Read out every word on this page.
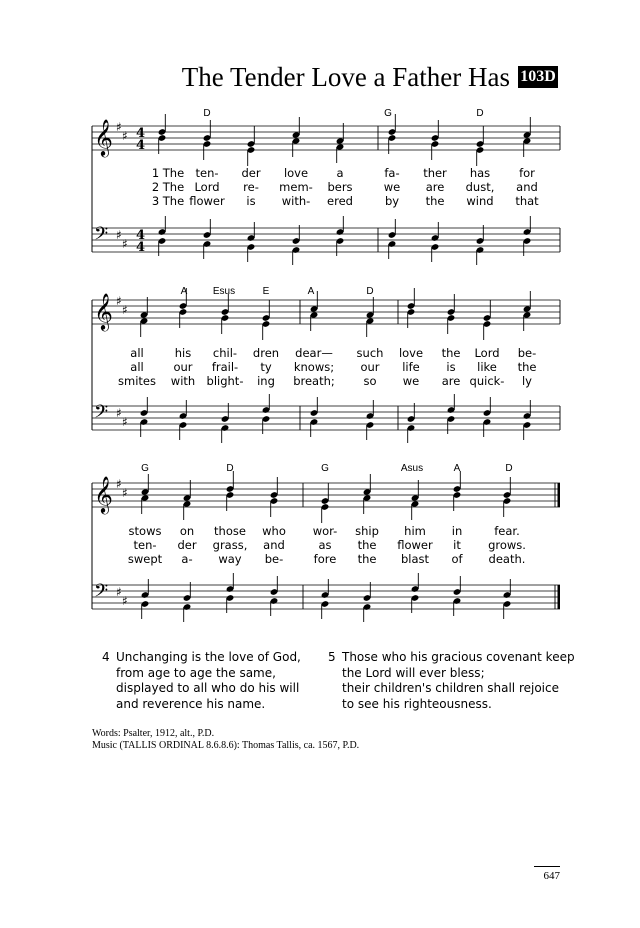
The Tender Love a Father Has 103D
𝄞 ♯
♯ 4
4
𝄢 ♯
♯
4
4
D	G	D
1 The ten- der love a	fa- ther has	for
2 The Lord re- mem- bers	we are dust, and
3 The flower is with- ered	by the wind that
𝄞 ♯
♯
𝄢 ♯
♯
A	Esus	E	A	D
all	his chil- dren dear— such love the Lord be-
all	our frail- ty knows; our life is like the
smites with blight- ing breath; so we are quick- ly
𝄞 ♯
♯
𝄢 ♯
♯
G	D	G	Asus	A	D
stows on those who wor- ship him in	fear.
ten- der grass, and	as the flower it grows.
swept a- way be-	fore the blast of death.
4 Unchanging is the love of God,
from age to age the same,
displayed to all who do his will
and reverence his name.
5 Those who his gracious covenant keep
the Lord will ever bless;
their children's children shall rejoice
to see his righteousness.
Words: Psalter, 1912, alt., P.D.
Music (TALLIS ORDINAL 8.6.8.6): Thomas Tallis, ca. 1567, P.D.
647
